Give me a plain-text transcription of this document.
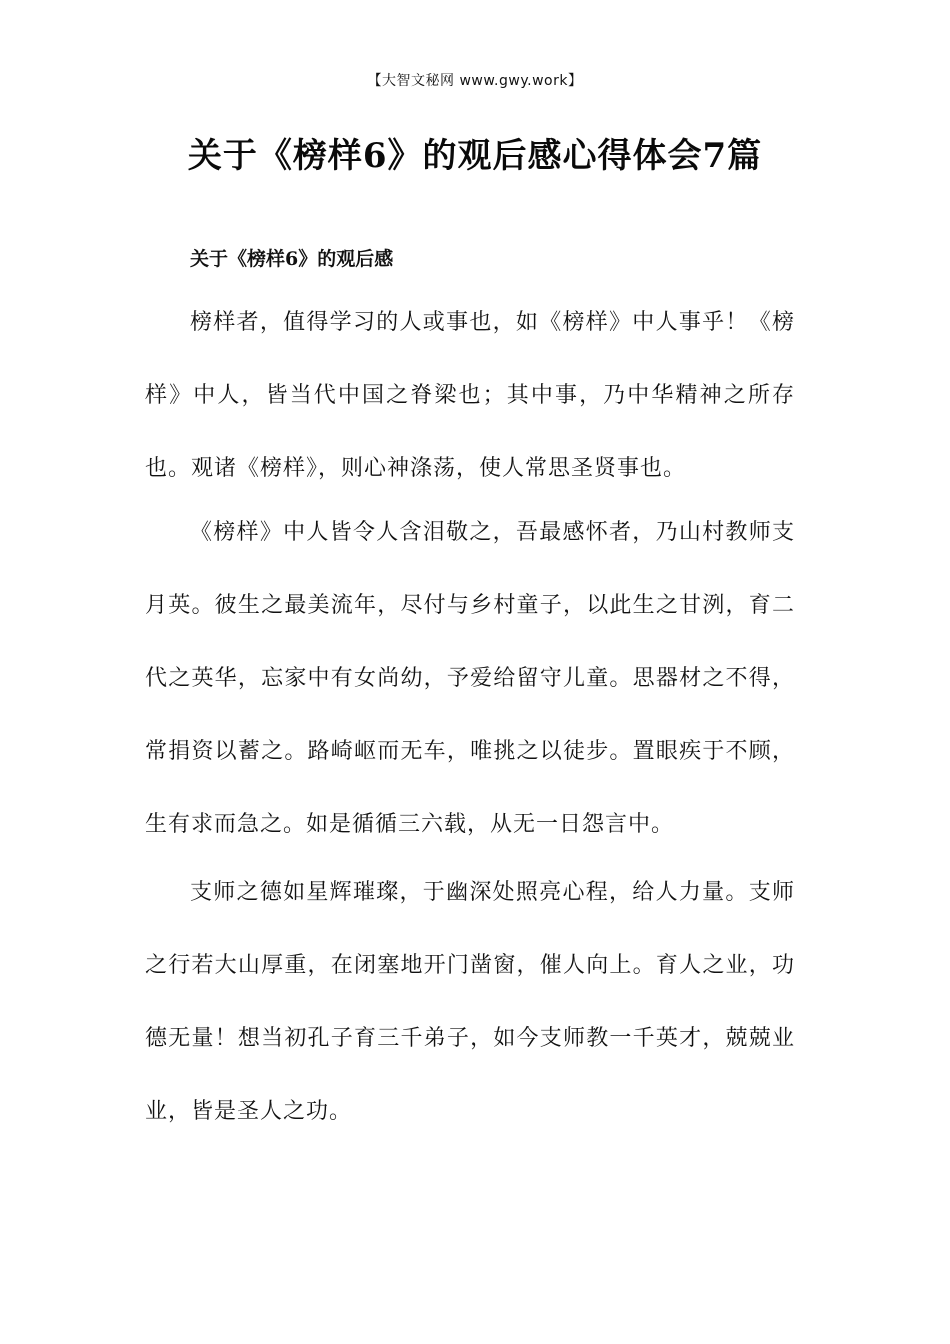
【大智文秘网 www.gwy.work】
关于《榜样6》的观后感心得体会7篇
关于《榜样6》的观后感

榜样者，值得学习的人或事也，如《榜样》中人事乎！《榜样》中人，皆当代中国之脊梁也；其中事，乃中华精神之所存也。观诸《榜样》，则心神涤荡，使人常思圣贤事也。

《榜样》中人皆令人含泪敬之，吾最感怀者，乃山村教师支月英。彼生之最美流年，尽付与乡村童子，以此生之甘洌，育二代之英华，忘家中有女尚幼，予爱给留守儿童。思器材之不得，常捐资以蓄之。路崎岖而无车，唯挑之以徒步。置眼疾于不顾，生有求而急之。如是循循三六载，从无一日怨言中。

支师之德如星辉璀璨，于幽深处照亮心程，给人力量。支师之行若大山厚重，在闭塞地开门凿窗，催人向上。育人之业，功德无量！想当初孔子育三千弟子，如今支师教一千英才，兢兢业业，皆是圣人之功。
